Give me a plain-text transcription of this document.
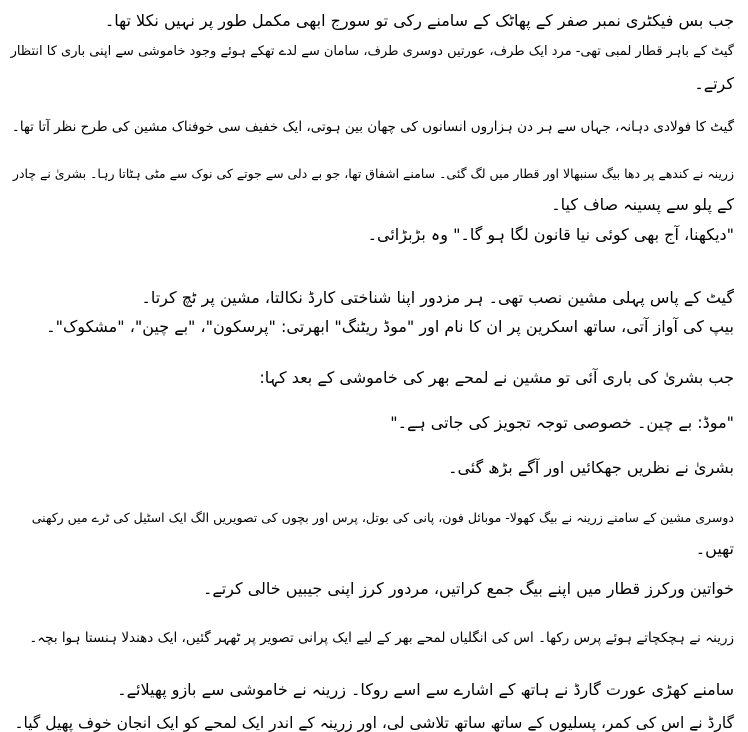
جب بس فیکٹری نمبر صفر کے پھاٹک کے سامنے رکی تو سورج ابھی مکمل طور پر نہیں نکلا تھا۔
گیٹ کے باہر قطار لمبی تھی- مرد ایک طرف، عورتیں دوسری طرف، سامان سے لدے تھکے ہوئے وجود خاموشی سے اپنی باری کا انتظار
کرتے۔
گیٹ کا فولادی دہانہ، جہاں سے ہر دن ہزاروں انسانوں کی چھان بین ہوتی، ایک خفیف سی خوفناک مشین کی طرح نظر آتا تھا۔
زرینہ نے کندھے پر دھا بیگ سنبھالا اور قطار میں لگ گئی۔ سامنے اشفاق تھا، جو بے دلی سے جوتے کی نوک سے مٹی ہٹاتا رہا۔ بشریٰ نے چادر
کے پلو سے پسینہ صاف کیا۔
"دیکھنا، آج بھی کوئی نیا قانون لگا ہو گا۔" وہ بڑبڑائی۔
گیٹ کے پاس پہلی مشین نصب تھی۔ ہر مزدور اپنا شناختی کارڈ نکالتا، مشین پر ٹچ کرتا۔
بیپ کی آواز آتی، ساتھ اسکرین پر ان کا نام اور "موڈ ریٹنگ" ابھرتی: "پرسکون"، "بے چین"، "مشکوک"۔
جب بشریٰ کی باری آئی تو مشین نے لمحے بھر کی خاموشی کے بعد کہا:
"موڈ: بے چین۔ خصوصی توجہ تجویز کی جاتی ہے۔"
بشریٰ نے نظریں جھکائیں اور آگے بڑھ گئی۔
دوسری مشین کے سامنے زرینہ نے بیگ کھولا- موبائل فون، پانی کی بوتل، پرس اور بچوں کی تصویریں الگ ایک اسٹیل کی ٹرے میں رکھنی
تھیں۔
خواتین ورکرز قطار میں اپنے بیگ جمع کراتیں، مردور کرز اپنی جیبیں خالی کرتے۔
زرینہ نے ہچکچاتے ہوئے پرس رکھا۔ اس کی انگلیاں لمحے بھر کے لیے ایک پرانی تصویر پر ٹھہر گئیں، ایک دھندلا ہنستا ہوا بچہ۔
سامنے کھڑی عورت گارڈ نے ہاتھ کے اشارے سے اسے روکا۔ زرینہ نے خاموشی سے بازو پھیلائے۔
گارڈ نے اس کی کمر، پسلیوں کے ساتھ ساتھ تلاشی لی، اور زرینہ کے اندر ایک لمحے کو ایک انجان خوف پھیل گیا۔
